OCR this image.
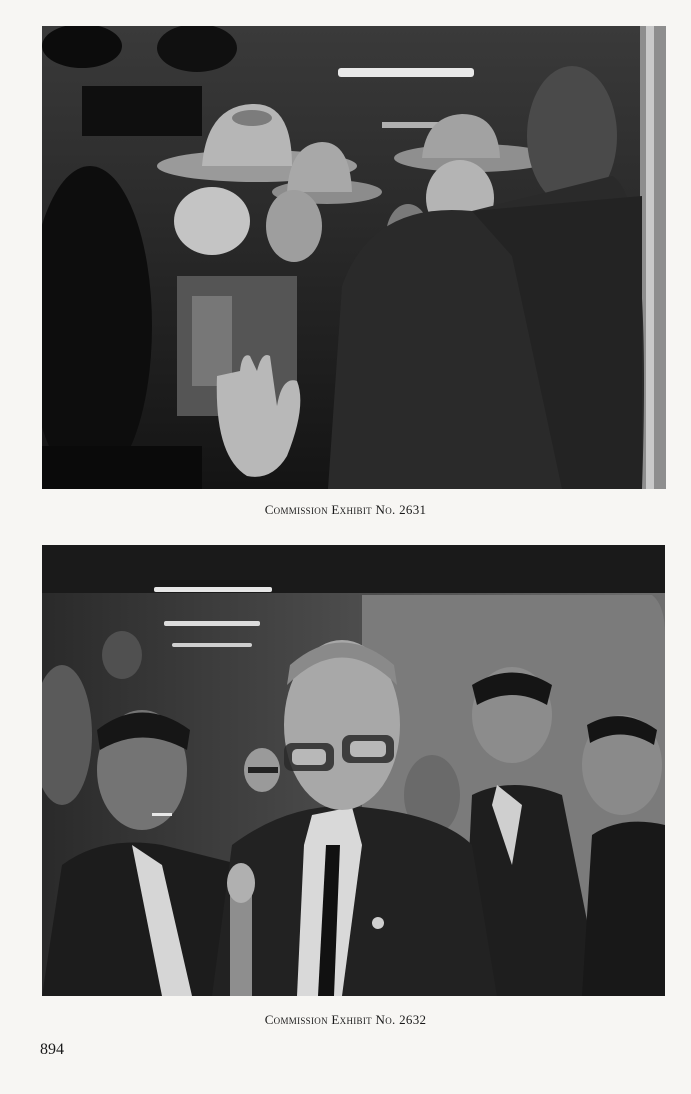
Commission Exhibit No. 2631
Commission Exhibit No. 2632
894
